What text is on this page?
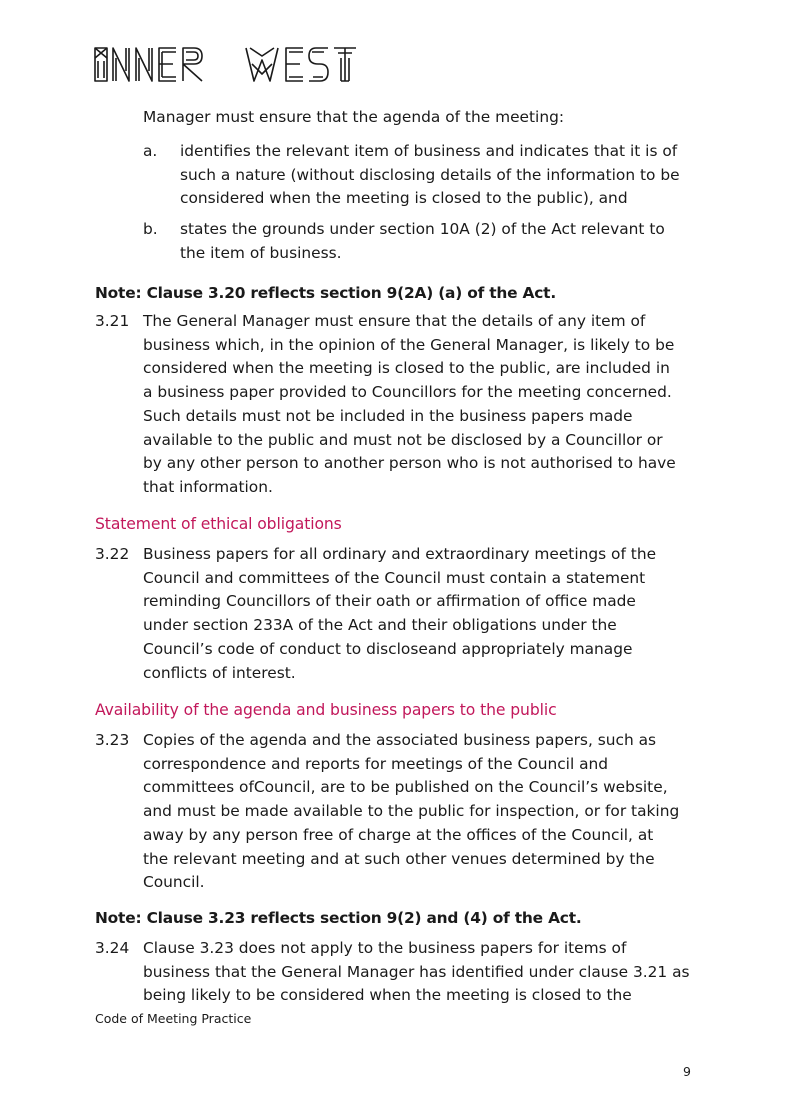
Manager must ensure that the agenda of the meeting:
a.	identifies the relevant item of business and indicates that it is of
such a nature (without disclosing details of the information to be
considered when the meeting is closed to the public), and
b.	states the grounds under section 10A (2) of the Act relevant to
the item of business.
Note: Clause 3.20 reflects section 9(2A) (a) of the Act.
3.21 The General Manager must ensure that the details of any item of
business which, in the opinion of the General Manager, is likely to be
considered when the meeting is closed to the public, are included in
a business paper provided to Councillors for the meeting concerned.
Such details must not be included in the business papers made
available to the public and must not be disclosed by a Councillor or
by any other person to another person who is not authorised to have
that information.
Statement of ethical obligations
3.22 Business papers for all ordinary and extraordinary meetings of the
Council and committees of the Council must contain a statement
reminding Councillors of their oath or affirmation of office made
under section 233A of the Act and their obligations under the
Council’s code of conduct to discloseand appropriately manage
conflicts of interest.
Availability of the agenda and business papers to the public
3.23 Copies of the agenda and the associated business papers, such as
correspondence and reports for meetings of the Council and
committees ofCouncil, are to be published on the Council’s website,
and must be made available to the public for inspection, or for taking
away by any person free of charge at the offices of the Council, at
the relevant meeting and at such other venues determined by the
Council.
Note: Clause 3.23 reflects section 9(2) and (4) of the Act.
3.24 Clause 3.23 does not apply to the business papers for items of
business that the General Manager has identified under clause 3.21 as
being likely to be considered when the meeting is closed to the
Code of Meeting Practice
9
